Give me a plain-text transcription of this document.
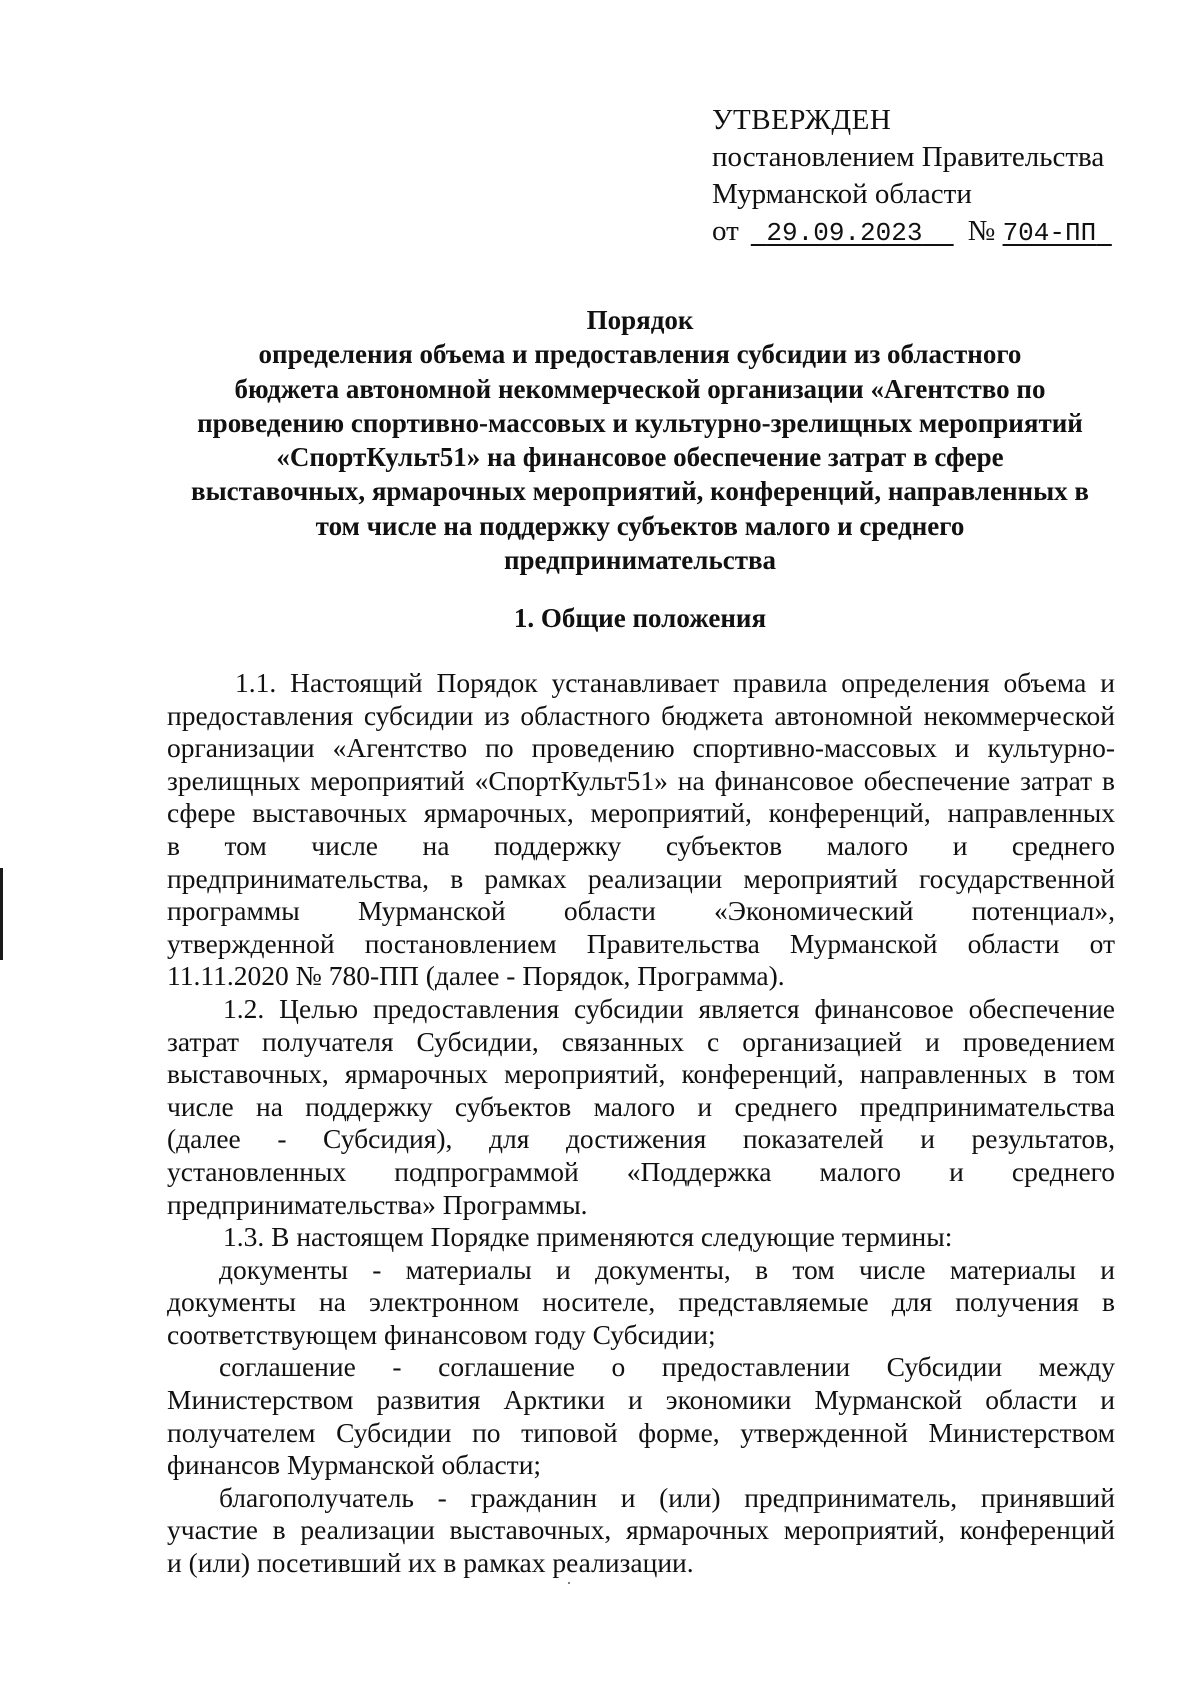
УТВЕРЖДЕН
постановлением Правительства
Мурманской области
от 29.09.2023 № 704-ПП
Порядок
определения объема и предоставления субсидии из областного
бюджета автономной некоммерческой организации «Агентство по
проведению спортивно-массовых и культурно-зрелищных мероприятий
«СпортКульт51» на финансовое обеспечение затрат в сфере
выставочных, ярмарочных мероприятий, конференций, направленных в
том числе на поддержку субъектов малого и среднего
предпринимательства
1. Общие положения

1.1. Настоящий Порядок устанавливает правила определения объема и
предоставления субсидии из областного бюджета автономной некоммерческой
организации «Агентство по проведению спортивно-массовых и культурно-
зрелищных мероприятий «СпортКульт51» на финансовое обеспечение затрат в
сфере выставочных ярмарочных, мероприятий, конференций, направленных
в том числе на поддержку субъектов малого и среднего
предпринимательства, в рамках реализации мероприятий государственной
программы Мурманской области «Экономический потенциал»,
утвержденной постановлением Правительства Мурманской области от
11.11.2020 № 780-ПП (далее - Порядок, Программа).

1.2. Целью предоставления субсидии является финансовое обеспечение
затрат получателя Субсидии, связанных с организацией и проведением
выставочных, ярмарочных мероприятий, конференций, направленных в том
числе на поддержку субъектов малого и среднего предпринимательства
(далее - Субсидия), для достижения показателей и результатов,
установленных подпрограммой «Поддержка малого и среднего
предпринимательства» Программы.

1.3. В настоящем Порядке применяются следующие термины:

документы - материалы и документы, в том числе материалы и
документы на электронном носителе, представляемые для получения в
соответствующем финансовом году Субсидии;

соглашение - соглашение о предоставлении Субсидии между
Министерством развития Арктики и экономики Мурманской области и
получателем Субсидии по типовой форме, утвержденной Министерством
финансов Мурманской области;

благополучатель - гражданин и (или) предприниматель, принявший
участие в реализации выставочных, ярмарочных мероприятий, конференций
и (или) посетивший их в рамках реализации.
